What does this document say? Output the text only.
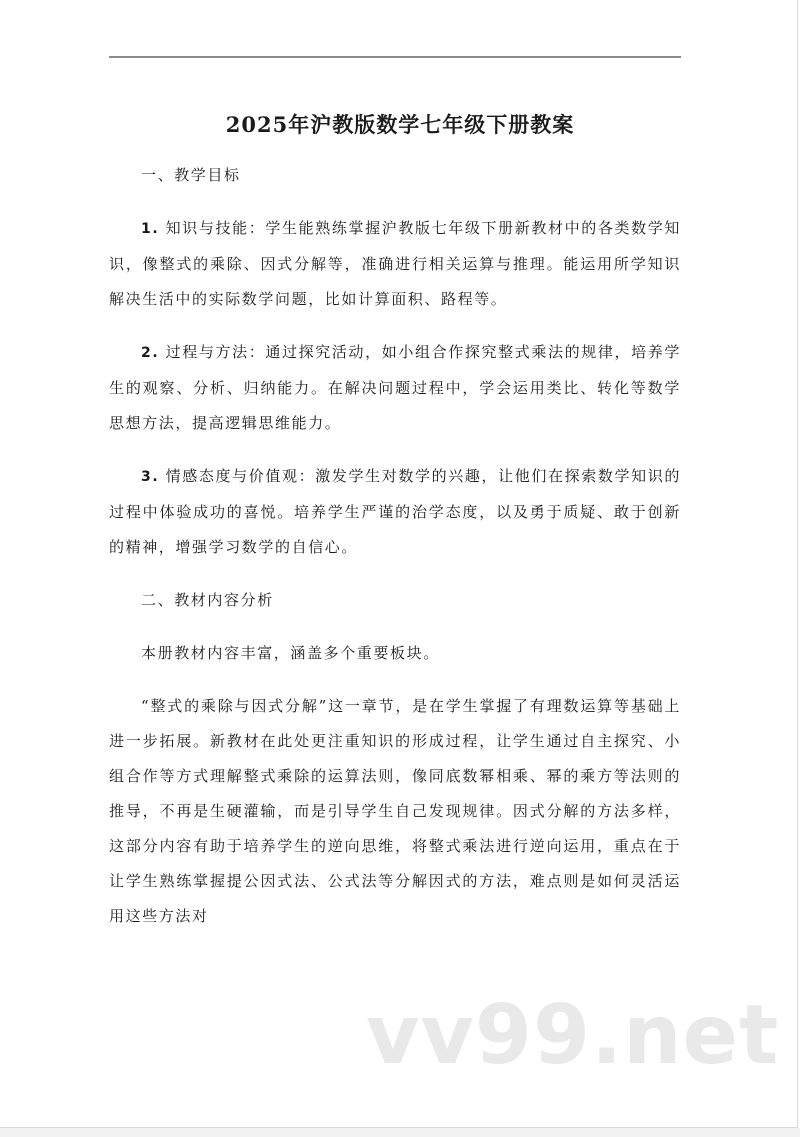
2025年沪教版数学七年级下册教案

一、教学目标

1. 知识与技能：学生能熟练掌握沪教版七年级下册新教材中的各类数学知识，像整式的乘除、因式分解等，准确进行相关运算与推理。能运用所学知识解决生活中的实际数学问题，比如计算面积、路程等。

2. 过程与方法：通过探究活动，如小组合作探究整式乘法的规律，培养学生的观察、分析、归纳能力。在解决问题过程中，学会运用类比、转化等数学思想方法，提高逻辑思维能力。

3. 情感态度与价值观：激发学生对数学的兴趣，让他们在探索数学知识的过程中体验成功的喜悦。培养学生严谨的治学态度，以及勇于质疑、敢于创新的精神，增强学习数学的自信心。

二、教材内容分析

本册教材内容丰富，涵盖多个重要板块。

“整式的乘除与因式分解”这一章节，是在学生掌握了有理数运算等基础上进一步拓展。新教材在此处更注重知识的形成过程，让学生通过自主探究、小组合作等方式理解整式乘除的运算法则，像同底数幂相乘、幂的乘方等法则的推导，不再是生硬灌输，而是引导学生自己发现规律。因式分解的方法多样，这部分内容有助于培养学生的逆向思维，将整式乘法进行逆向运用，重点在于让学生熟练掌握提公因式法、公式法等分解因式的方法，难点则是如何灵活运用这些方法对

vv99.net
